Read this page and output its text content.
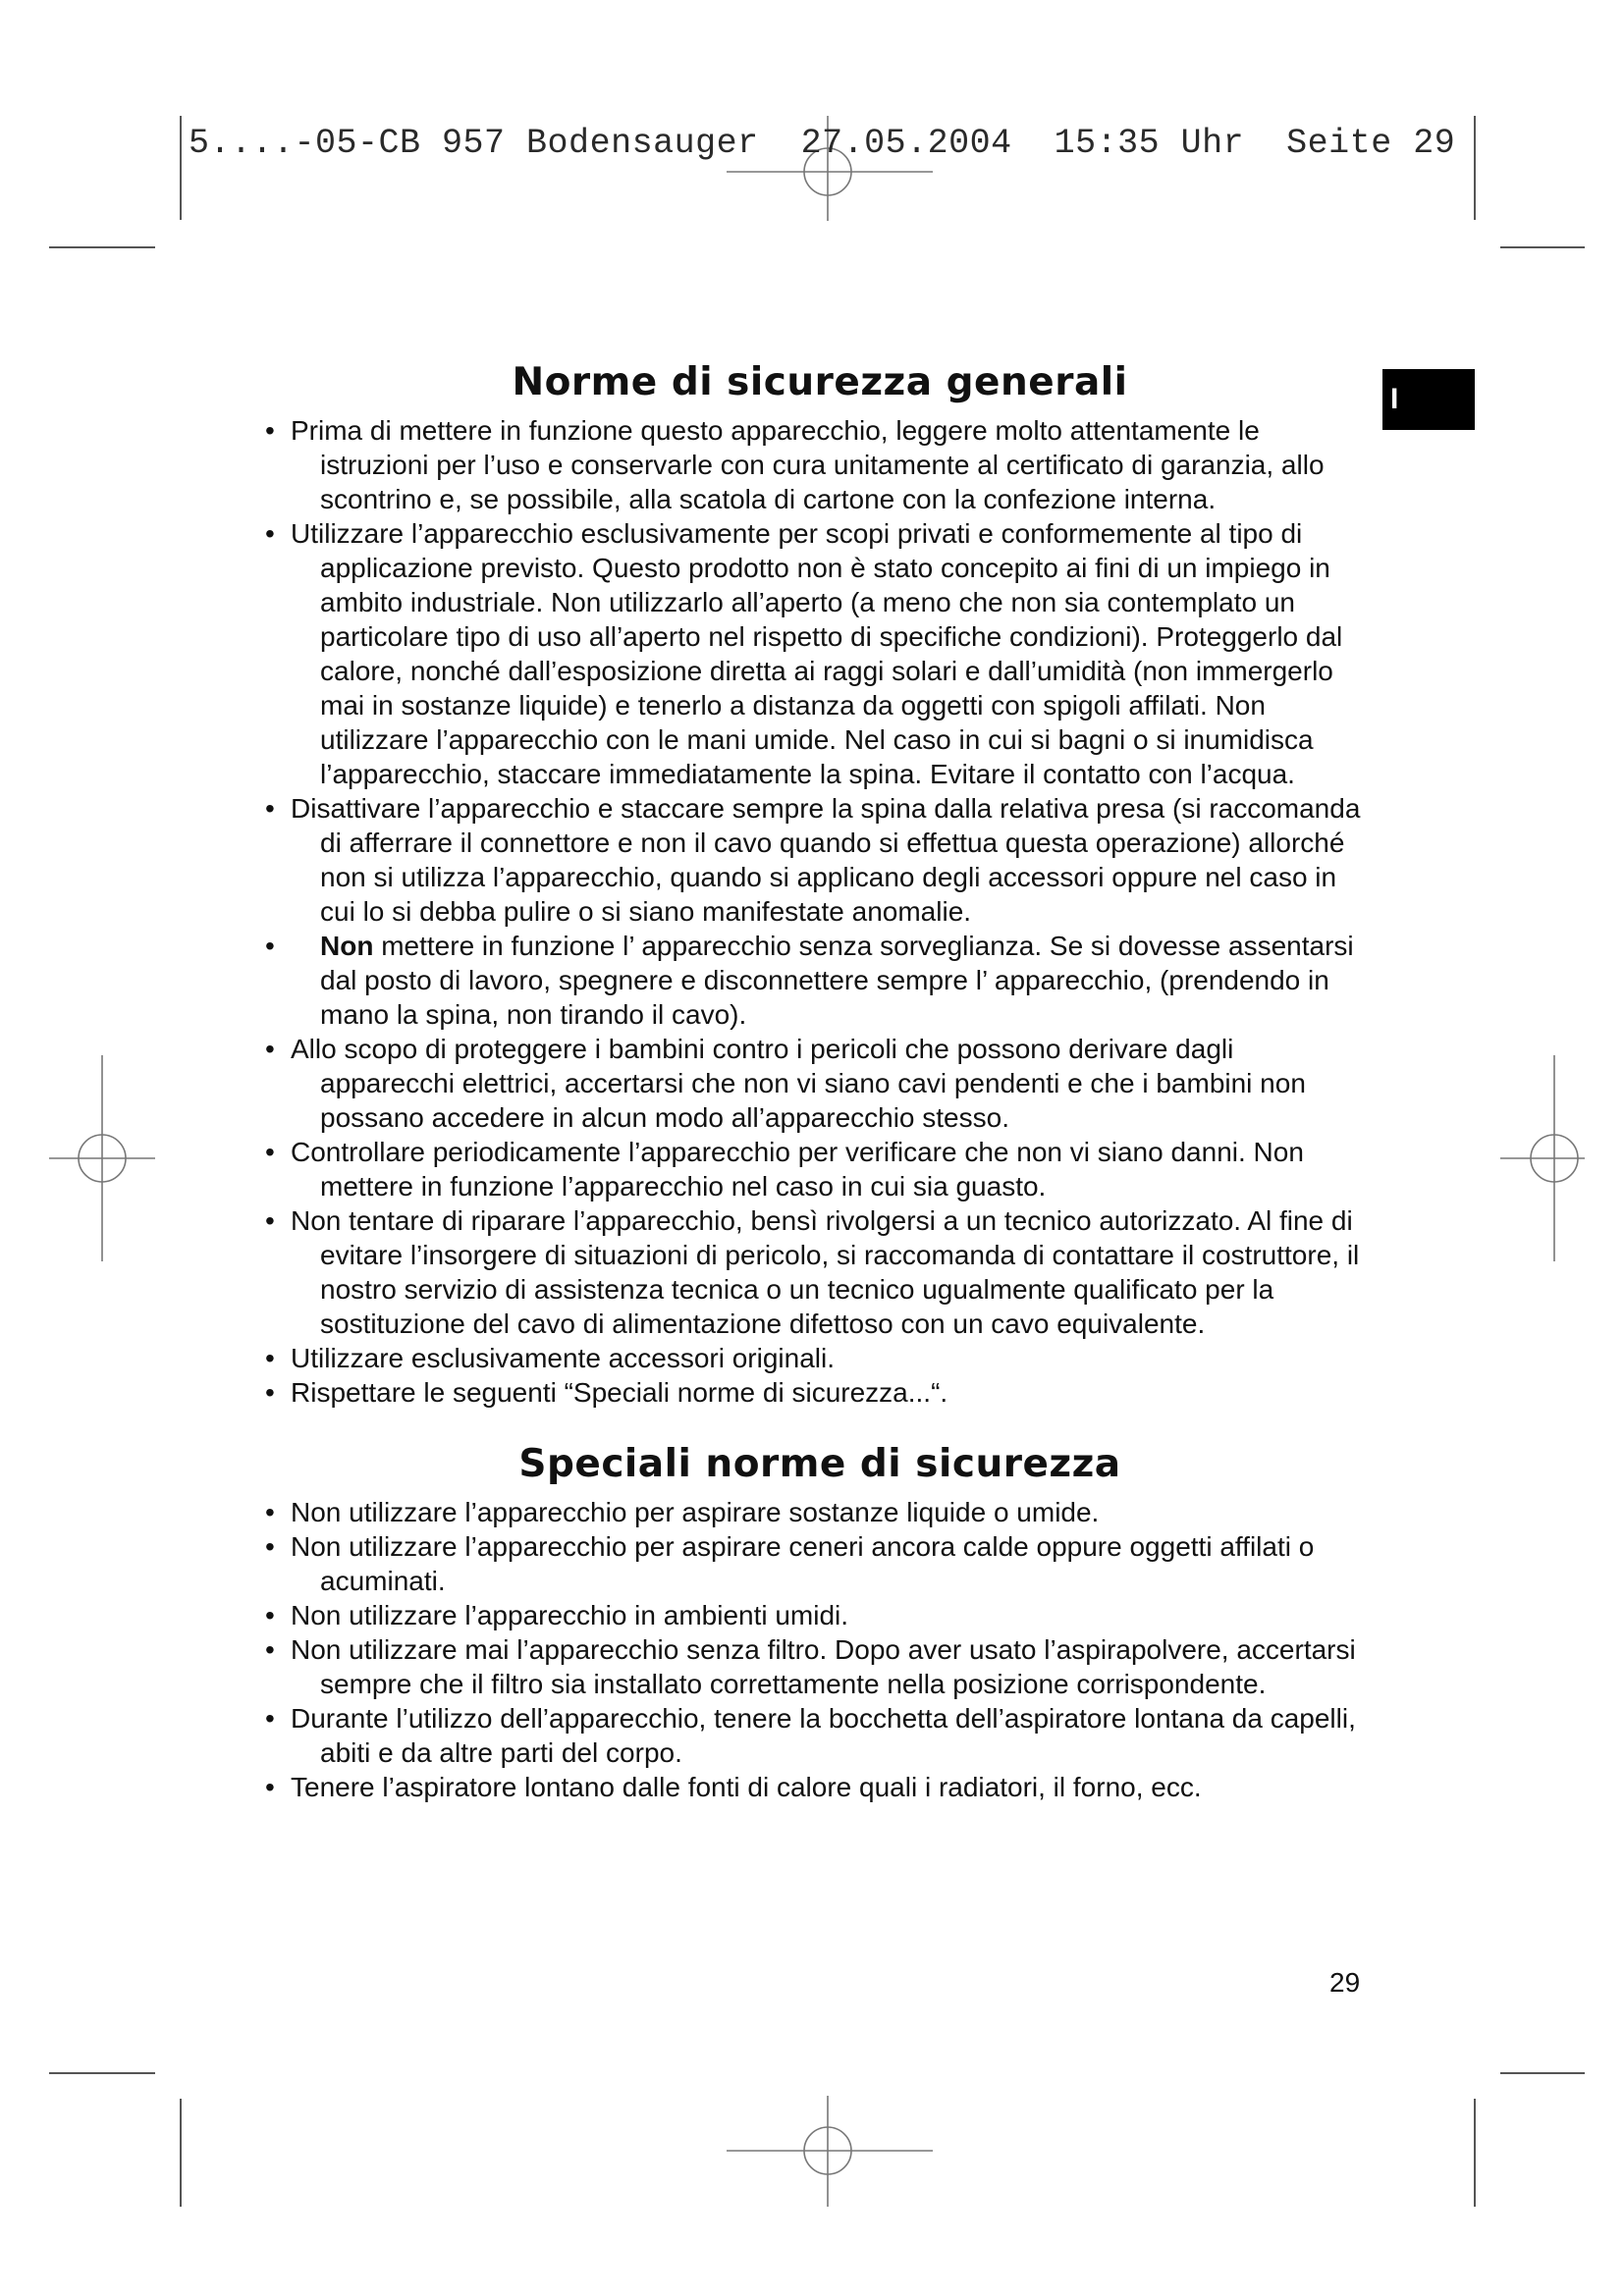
5....-05-CB 957 Bodensauger  27.05.2004  15:35 Uhr  Seite 29
I
Norme di sicurezza generali
• Prima di mettere in funzione questo apparecchio, leggere molto attentamente le istruzioni per l’uso e conservarle con cura unitamente al certificato di garanzia, allo scontrino e, se possibile, alla scatola di cartone con la confezione interna.
• Utilizzare l’apparecchio esclusivamente per scopi privati e conformemente al tipo di applicazione previsto. Questo prodotto non è stato concepito ai fini di un impiego in ambito industriale. Non utilizzarlo all’aperto (a meno che non sia contemplato un particolare tipo di uso all’aperto nel rispetto di specifiche condizioni). Proteggerlo dal calore, nonché dall’esposizione diretta ai raggi solari e dall’umidità (non immergerlo mai in sostanze liquide) e tenerlo a distanza da oggetti con spigoli affilati. Non utilizzare l’apparecchio con le mani umide. Nel caso in cui si bagni o si inumidisca l’apparecchio, staccare immediatamente la spina. Evitare il contatto con l’acqua.
• Disattivare l’apparecchio e staccare sempre la spina dalla relativa presa (si raccomanda di afferrare il connettore e non il cavo quando si effettua questa operazione) allorché non si utilizza l’apparecchio, quando si applicano degli accessori oppure nel caso in cui lo si debba pulire o si siano manifestate anomalie.
• Non mettere in funzione l’ apparecchio senza sorveglianza. Se si dovesse assentarsi dal posto di lavoro, spegnere e disconnettere sempre l’ apparecchio, (prendendo in mano la spina, non tirando il cavo).
• Allo scopo di proteggere i bambini contro i pericoli che possono derivare dagli apparecchi elettrici, accertarsi che non vi siano cavi pendenti e che i bambini non possano accedere in alcun modo all’apparecchio stesso.
• Controllare periodicamente l’apparecchio per verificare che non vi siano danni. Non mettere in funzione l’apparecchio nel caso in cui sia guasto.
• Non tentare di riparare l’apparecchio, bensì rivolgersi a un tecnico autorizzato. Al fine di evitare l’insorgere di situazioni di pericolo, si raccomanda di contattare il costruttore, il nostro servizio di assistenza tecnica o un tecnico ugualmente qualificato per la sostituzione del cavo di alimentazione difettoso con un cavo equivalente.
• Utilizzare esclusivamente accessori originali.
• Rispettare le seguenti “Speciali norme di sicurezza...“.
Speciali norme di sicurezza
• Non utilizzare l’apparecchio per aspirare sostanze liquide o umide.
• Non utilizzare l’apparecchio per aspirare ceneri ancora calde oppure oggetti affilati o acuminati.
• Non utilizzare l’apparecchio in ambienti umidi.
• Non utilizzare mai l’apparecchio senza filtro. Dopo aver usato l’aspirapolvere, accertarsi sempre che il filtro sia installato correttamente nella posizione corrispondente.
• Durante l’utilizzo dell’apparecchio, tenere la bocchetta dell’aspiratore lontana da capelli, abiti e da altre parti del corpo.
• Tenere l’aspiratore lontano dalle fonti di calore quali i radiatori, il forno, ecc.
29
